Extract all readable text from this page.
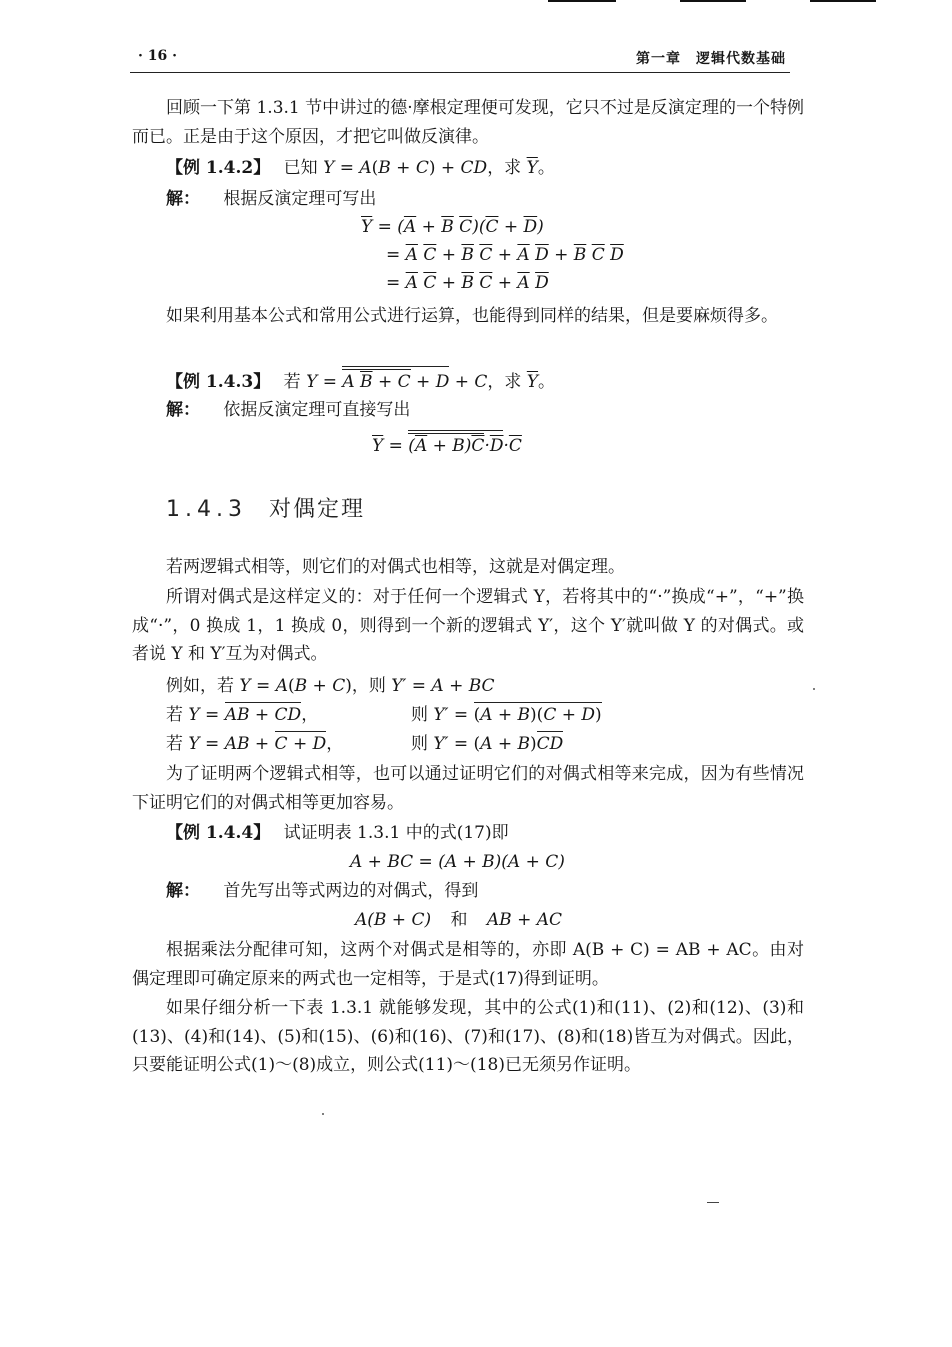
· 16 ·	第一章　逻辑代数基础

回顾一下第 1.3.1 节中讲过的德·摩根定理便可发现，它只不过是反演定理的一个特例而已。正是由于这个原因，才把它叫做反演律。

【例 1.4.2】 已知 Y = A(B + C) + CD，求 $\overline{Y}$。
解： 根据反演定理可写出
$\overline{Y} = (\overline{A} + \overline{B}$ $\overline{C})(\overline{C} + \overline{D})$
= $\overline{A}$ $\overline{C} + \overline{B}$ $\overline{C} + \overline{A}$ $\overline{D} + \overline{B}$ $\overline{C}$ $\overline{D}$
= $\overline{A}$ $\overline{C} + \overline{B}$ $\overline{C} + \overline{A}$ $\overline{D}$

如果利用基本公式和常用公式进行运算，也能得到同样的结果，但是要麻烦得多。

【例 1.4.3】 若 Y = A $\overline{B} + C + D + C$，求 $\overline{Y}$。
解： 依据反演定理可直接写出
$\overline{Y} = (\overline{A} + B)\overline{C}\cdot\overline{D}\cdot\overline{C}$
1.4.3 对偶定理

若两逻辑式相等，则它们的对偶式也相等，这就是对偶定理。

所谓对偶式是这样定义的：对于任何一个逻辑式 Y，若将其中的“·”换成“+”，“+”换成“·”，0 换成 1，1 换成 0，则得到一个新的逻辑式 Y′，这个 Y′就叫做 Y 的对偶式。或者说 Y 和 Y′互为对偶式。

例如，若 Y = A(B + C)，则 Y′ = A + BC
若 Y = AB + CD，	则 Y′ = (A + B)(C + D)
若 Y = AB + C + D，	则 Y′ = (A + B)CD

为了证明两个逻辑式相等，也可以通过证明它们的对偶式相等来完成，因为有些情况下证明它们的对偶式相等更加容易。

【例 1.4.4】 试证明表 1.3.1 中的式(17)即
A + BC = (A + B)(A + C)
解： 首先写出等式两边的对偶式，得到
A(B + C) 和 AB + AC

根据乘法分配律可知，这两个对偶式是相等的，亦即 A(B + C) = AB + AC。由对偶定理即可确定原来的两式也一定相等，于是式(17)得到证明。

如果仔细分析一下表 1.3.1 就能够发现，其中的公式(1)和(11)、(2)和(12)、(3)和(13)、(4)和(14)、(5)和(15)、(6)和(16)、(7)和(17)、(8)和(18)皆互为对偶式。因此，只要能证明公式(1)～(8)成立，则公式(11)～(18)已无须另作证明。
